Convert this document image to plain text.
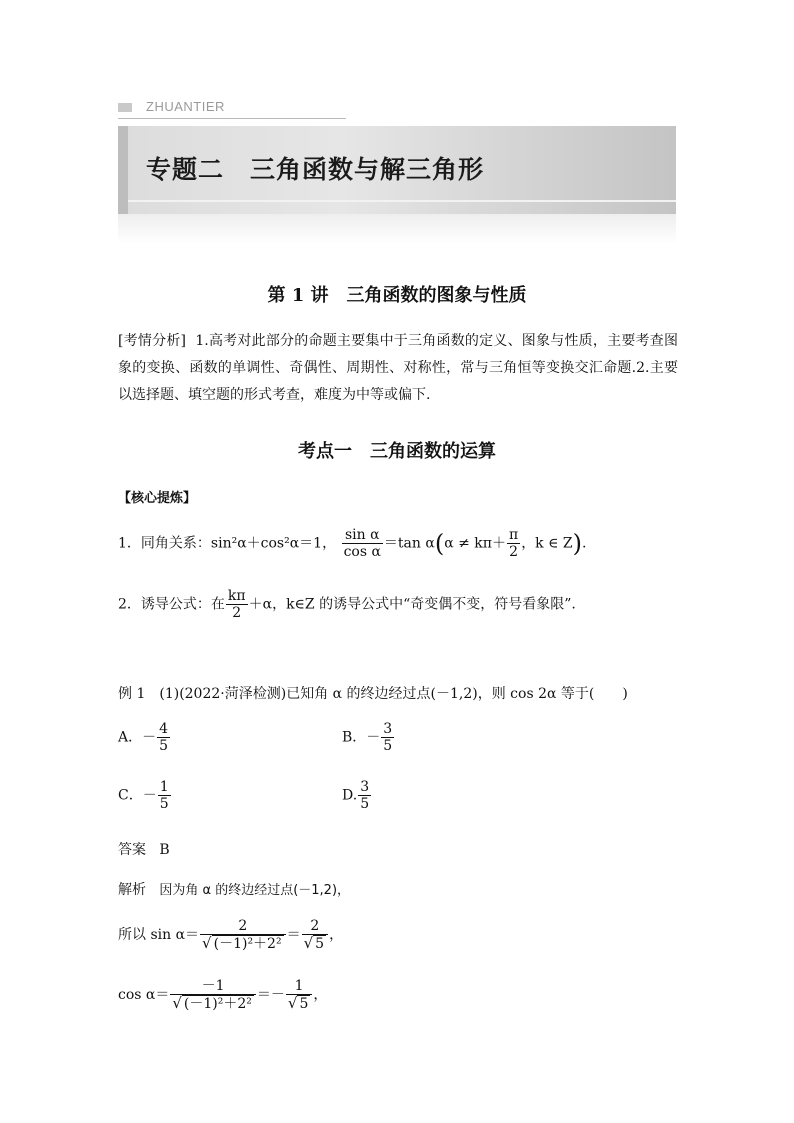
ZHUANTIER
专题二　三角函数与解三角形
第 1 讲　三角函数的图象与性质
[考情分析] 1.高考对此部分的命题主要集中于三角函数的定义、图象与性质，主要考查图象的变换、函数的单调性、奇偶性、周期性、对称性，常与三角恒等变换交汇命题.2.主要以选择题、填空题的形式考查，难度为中等或偏下.
考点一　三角函数的运算
【核心提炼】
1．同角关系：sin²α＋cos²α＝1， $\frac{\text{sin α}}{\text{cos α}} =\tan$ $\alpha(\alpha \ne k\pi+ \frac{\pi}{2}$ ，k ∈ Z).
2．诱导公式：在 $\frac{k\pi}{2} +\alpha$，k∈Z 的诱导公式中“奇变偶不变，符号看象限”.
例 1　(1)(2022·菏泽检测)已知角 α 的终边经过点(－1,2)，则 cos 2α 等于(　　)
A．－ $\frac{4}{5}$	B．－ $\frac{3}{5}$
C．－ $\frac{1}{5}$	D. $\frac{3}{5}$
答案 B
解析 因为角 α 的终边经过点(－1,2)，
所以 $\sin \alpha= \frac{2}{\text{√ (－1)²＋2²}} = \frac{2}{√ 5}$ ，
$\cos \alpha= \frac{-1}{\text{√ (－1)²＋2²}} =- \frac{1}{√ 5}$ ，
